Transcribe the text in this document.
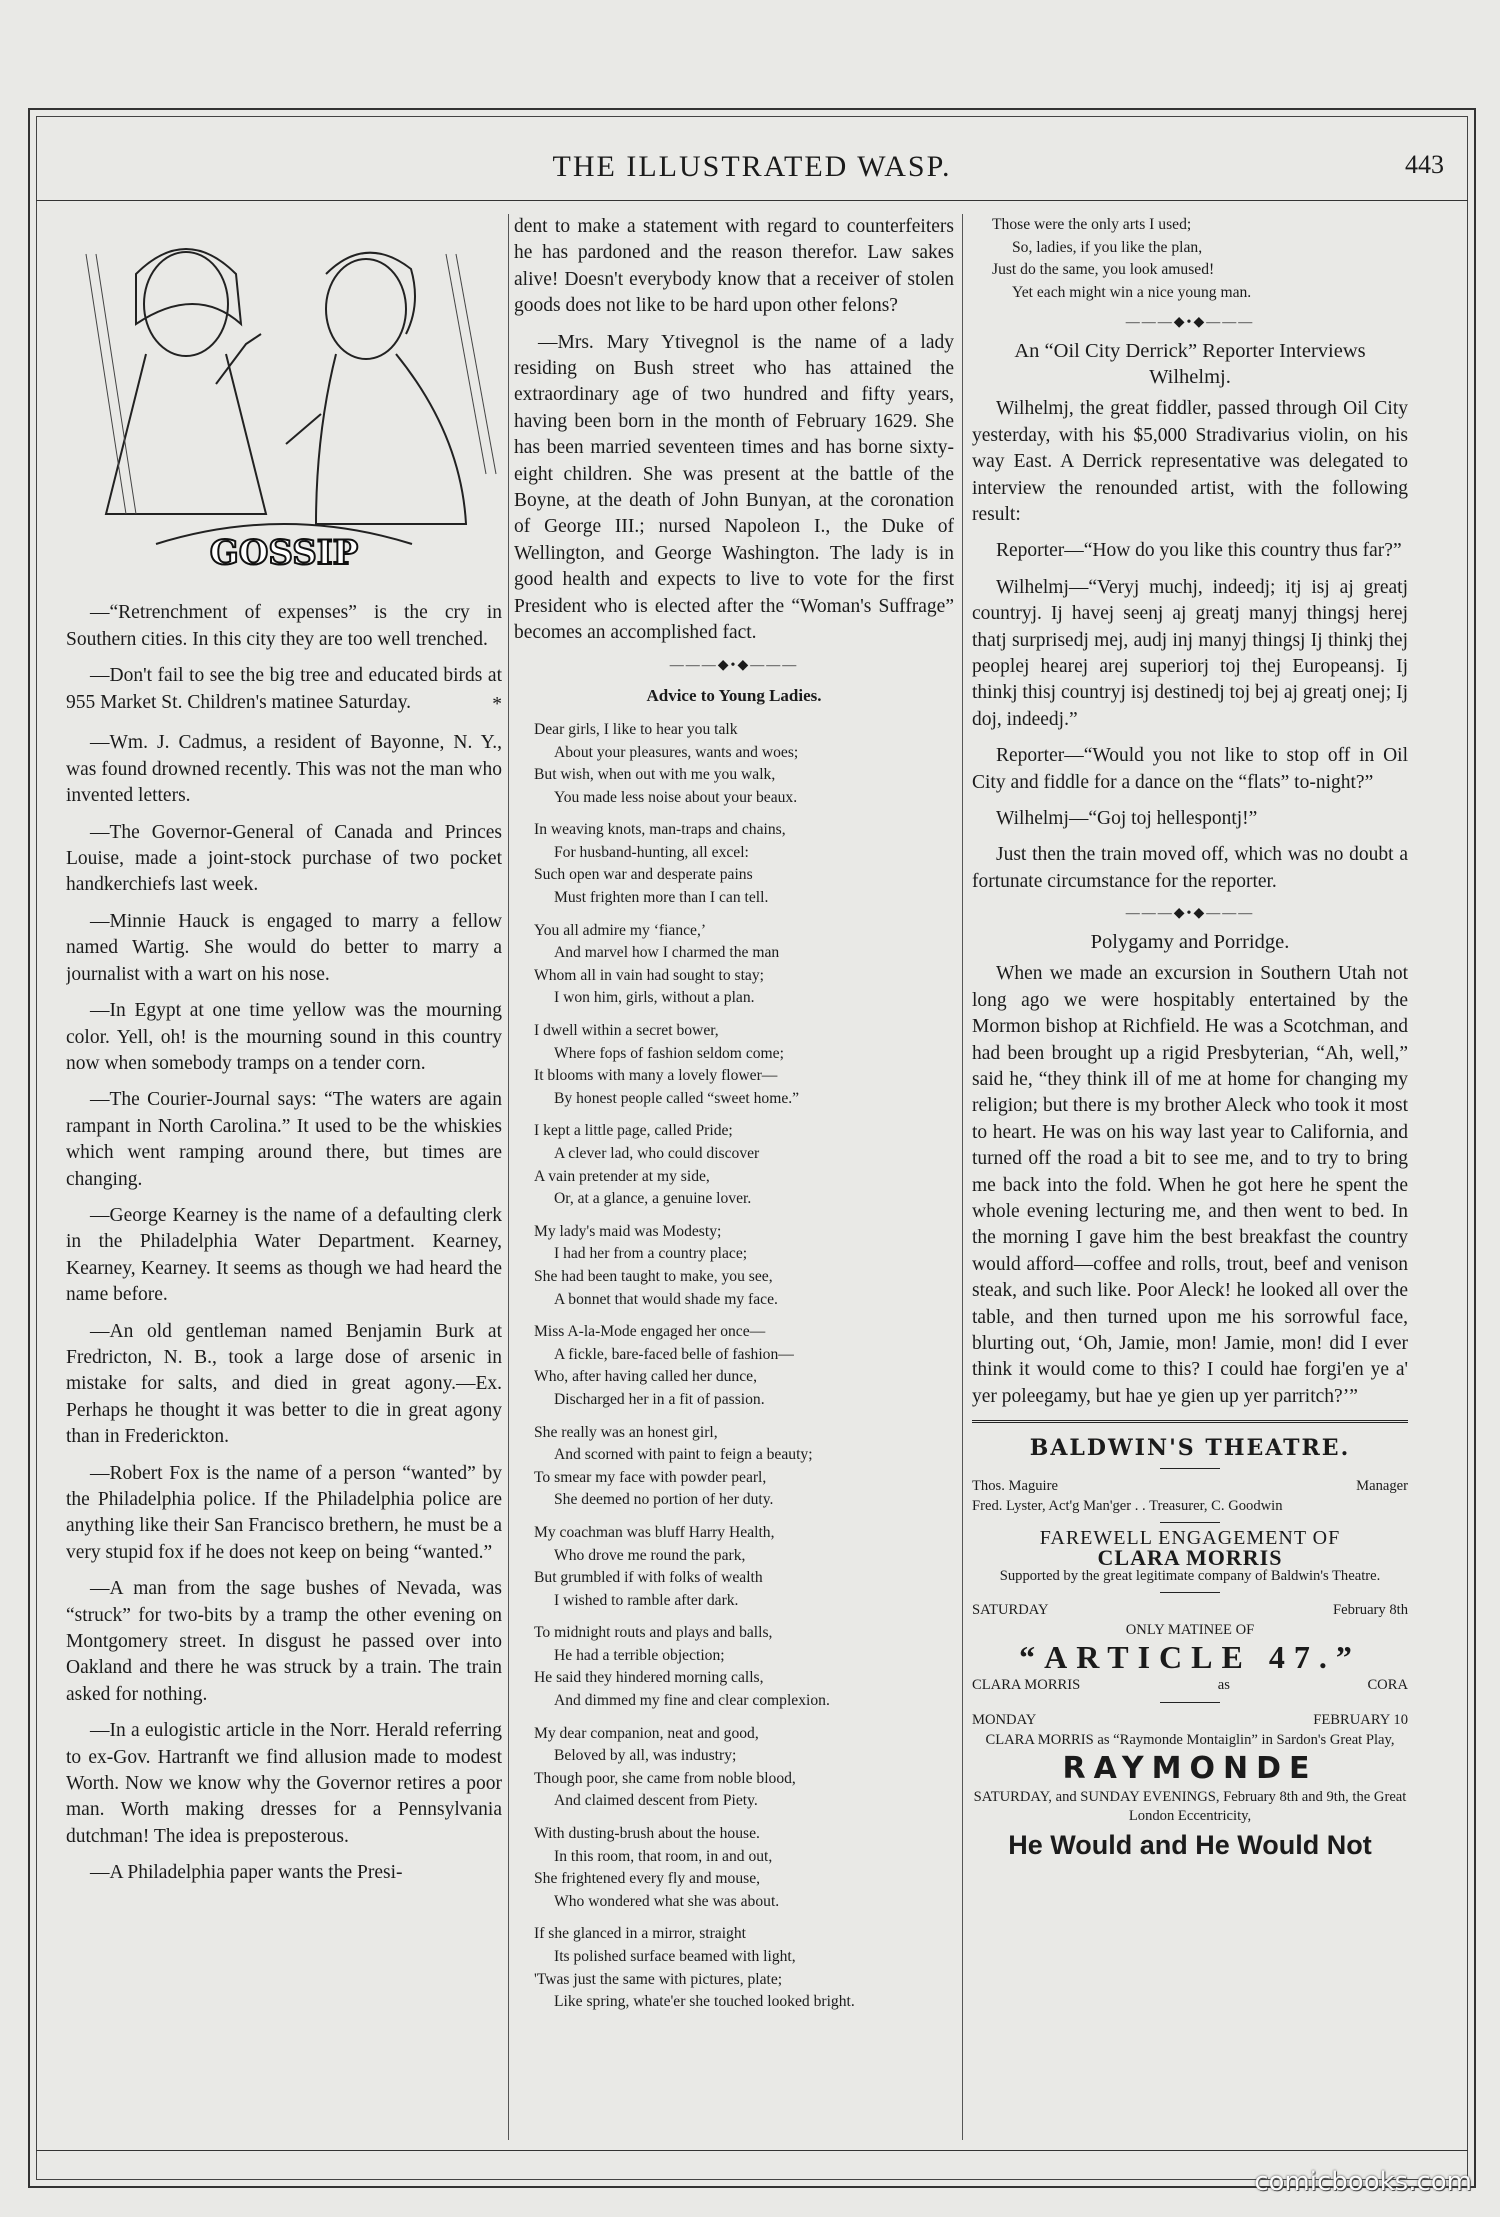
THE ILLUSTRATED WASP.	443
GOSSIP
—“Retrenchment of expenses” is the cry in Southern cities. In this city they are too well trenched.
—Don't fail to see the big tree and educated birds at 955 Market St. Children's matinee Saturday.	*
—Wm. J. Cadmus, a resident of Bayonne, N. Y., was found drowned recently. This was not the man who invented letters.
—The Governor-General of Canada and Princes Louise, made a joint-stock purchase of two pocket handkerchiefs last week.
—Minnie Hauck is engaged to marry a fellow named Wartig. She would do better to marry a journalist with a wart on his nose.
—In Egypt at one time yellow was the mourning color. Yell, oh! is the mourning sound in this country now when somebody tramps on a tender corn.
—The Courier-Journal says: “The waters are again rampant in North Carolina.” It used to be the whiskies which went ramping around there, but times are changing.
—George Kearney is the name of a defaulting clerk in the Philadelphia Water Department. Kearney, Kearney, Kearney. It seems as though we had heard the name before.
—An old gentleman named Benjamin Burk at Fredricton, N. B., took a large dose of arsenic in mistake for salts, and died in great agony.—Ex. Perhaps he thought it was better to die in great agony than in Frederickton.
—Robert Fox is the name of a person “wanted” by the Philadelphia police. If the Philadelphia police are anything like their San Francisco brethern, he must be a very stupid fox if he does not keep on being “wanted.”
—A man from the sage bushes of Nevada, was “struck” for two-bits by a tramp the other evening on Montgomery street. In disgust he passed over into Oakland and there he was struck by a train. The train asked for nothing.
—In a eulogistic article in the Norr. Herald referring to ex-Gov. Hartranft we find allusion made to modest Worth. Now we know why the Governor retires a poor man. Worth making dresses for a Pennsylvania dutchman! The idea is preposterous.
—A Philadelphia paper wants the Presi-
dent to make a statement with regard to counterfeiters he has pardoned and the reason therefor. Law sakes alive! Doesn't everybody know that a receiver of stolen goods does not like to be hard upon other felons?
—Mrs. Mary Ytivegnol is the name of a lady residing on Bush street who has attained the extraordinary age of two hundred and fifty years, having been born in the month of February 1629. She has been married seventeen times and has borne sixty-eight children. She was present at the battle of the Boyne, at the death of John Bunyan, at the coronation of George III.; nursed Napoleon I., the Duke of Wellington, and George Washington. The lady is in good health and expects to live to vote for the first President who is elected after the “Woman's Suffrage” becomes an accomplished fact.
———◆•◆———
Advice to Young Ladies.
Dear girls, I like to hear you talk
About your pleasures, wants and woes;
But wish, when out with me you walk,
You made less noise about your beaux.
In weaving knots, man-traps and chains,
For husband-hunting, all excel:
Such open war and desperate pains
Must frighten more than I can tell.
You all admire my ‘fiance,’
And marvel how I charmed the man
Whom all in vain had sought to stay;
I won him, girls, without a plan.
I dwell within a secret bower,
Where fops of fashion seldom come;
It blooms with many a lovely flower—
By honest people called “sweet home.”
I kept a little page, called Pride;
A clever lad, who could discover
A vain pretender at my side,
Or, at a glance, a genuine lover.
My lady's maid was Modesty;
I had her from a country place;
She had been taught to make, you see,
A bonnet that would shade my face.
Miss A-la-Mode engaged her once—
A fickle, bare-faced belle of fashion—
Who, after having called her dunce,
Discharged her in a fit of passion.
She really was an honest girl,
And scorned with paint to feign a beauty;
To smear my face with powder pearl,
She deemed no portion of her duty.
My coachman was bluff Harry Health,
Who drove me round the park,
But grumbled if with folks of wealth
I wished to ramble after dark.
To midnight routs and plays and balls,
He had a terrible objection;
He said they hindered morning calls,
And dimmed my fine and clear complexion.
My dear companion, neat and good,
Beloved by all, was industry;
Though poor, she came from noble blood,
And claimed descent from Piety.
With dusting-brush about the house.
In this room, that room, in and out,
She frightened every fly and mouse,
Who wondered what she was about.
If she glanced in a mirror, straight
Its polished surface beamed with light,
'Twas just the same with pictures, plate;
Like spring, whate'er she touched looked bright.
Those were the only arts I used;
So, ladies, if you like the plan,
Just do the same, you look amused!
Yet each might win a nice young man.
———◆•◆———
An “Oil City Derrick” Reporter Interviews Wilhelmj.
Wilhelmj, the great fiddler, passed through Oil City yesterday, with his $5,000 Stradivarius violin, on his way East. A Derrick representative was delegated to interview the renounded artist, with the following result:
Reporter—“How do you like this country thus far?”
Wilhelmj—“Veryj muchj, indeedj; itj isj aj greatj countryj. Ij havej seenj aj greatj manyj thingsj herej thatj surprisedj mej, audj inj manyj thingsj Ij thinkj thej peoplej hearej arej superiorj toj thej Europeansj. Ij thinkj thisj countryj isj destinedj toj bej aj greatj onej; Ij doj, indeedj.”
Reporter—“Would you not like to stop off in Oil City and fiddle for a dance on the “flats” to-night?”
Wilhelmj—“Goj toj hellespontj!”
Just then the train moved off, which was no doubt a fortunate circumstance for the reporter.
———◆•◆———
Polygamy and Porridge.
When we made an excursion in Southern Utah not long ago we were hospitably entertained by the Mormon bishop at Richfield. He was a Scotchman, and had been brought up a rigid Presbyterian, “Ah, well,” said he, “they think ill of me at home for changing my religion; but there is my brother Aleck who took it most to heart. He was on his way last year to California, and turned off the road a bit to see me, and to try to bring me back into the fold. When he got here he spent the whole evening lecturing me, and then went to bed. In the morning I gave him the best breakfast the country would afford—coffee and rolls, trout, beef and venison steak, and such like. Poor Aleck! he looked all over the table, and then turned upon me his sorrowful face, blurting out, ‘Oh, Jamie, mon! Jamie, mon! did I ever think it would come to this? I could hae forgi'en ye a' yer poleegamy, but hae ye gien up yer parritch?’”
BALDWIN'S THEATRE.
Thos. Maguire	Manager
Fred. Lyster, Act'g Man'ger . . Treasurer, C. Goodwin
FAREWELL ENGAGEMENT OF
CLARA MORRIS
Supported by the great legitimate company of Baldwin's Theatre.
SATURDAY	February 8th
ONLY MATINEE OF
“ARTICLE 47.”
CLARA MORRIS	as	CORA
MONDAY	FEBRUARY 10
CLARA MORRIS as “Raymonde Montaiglin” in Sardon's Great Play,
RAYMONDE
SATURDAY, and SUNDAY EVENINGS, February 8th and 9th, the Great London Eccentricity,
He Would and He Would Not
comicbooks.com
